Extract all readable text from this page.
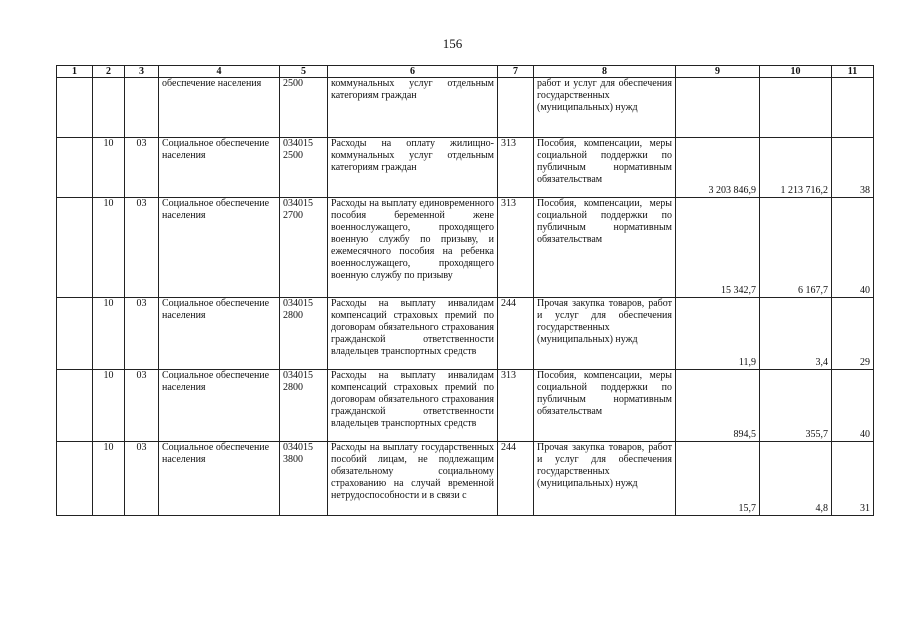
156
1	2	3	4	5	6	7	8	9	10	11
			обеспечение населения	2500	коммунальных услуг отдельным категориям граждан		работ и услуг для обеспечения государственных (муниципальных) нужд			
	10	03	Социальное обеспечение населения	034015 2500	Расходы на оплату жилищно-коммунальных услуг отдельным категориям граждан	313	Пособия, компенсации, меры социальной поддержки по публичным нормативным обязательствам	3 203 846,9	1 213 716,2	38
	10	03	Социальное обеспечение населения	034015 2700	Расходы на выплату единовременного пособия беременной жене военнослужащего, проходящего военную службу по призыву, и ежемесячного пособия на ребенка военнослужащего, проходящего военную службу по призыву	313	Пособия, компенсации, меры социальной поддержки по публичным нормативным обязательствам	15 342,7	6 167,7	40
	10	03	Социальное обеспечение населения	034015 2800	Расходы на выплату инвалидам компенсаций страховых премий по договорам обязательного страхования гражданской ответственности владельцев транспортных средств	244	Прочая закупка товаров, работ и услуг для обеспечения государственных (муниципальных) нужд	11,9	3,4	29
	10	03	Социальное обеспечение населения	034015 2800	Расходы на выплату инвалидам компенсаций страховых премий по договорам обязательного страхования гражданской ответственности владельцев транспортных средств	313	Пособия, компенсации, меры социальной поддержки по публичным нормативным обязательствам	894,5	355,7	40
	10	03	Социальное обеспечение населения	034015 3800	Расходы на выплату государственных пособий лицам, не подлежащим обязательному социальному страхованию на случай временной нетрудоспособности и в связи с	244	Прочая закупка товаров, работ и услуг для обеспечения государственных (муниципальных) нужд	15,7	4,8	31
